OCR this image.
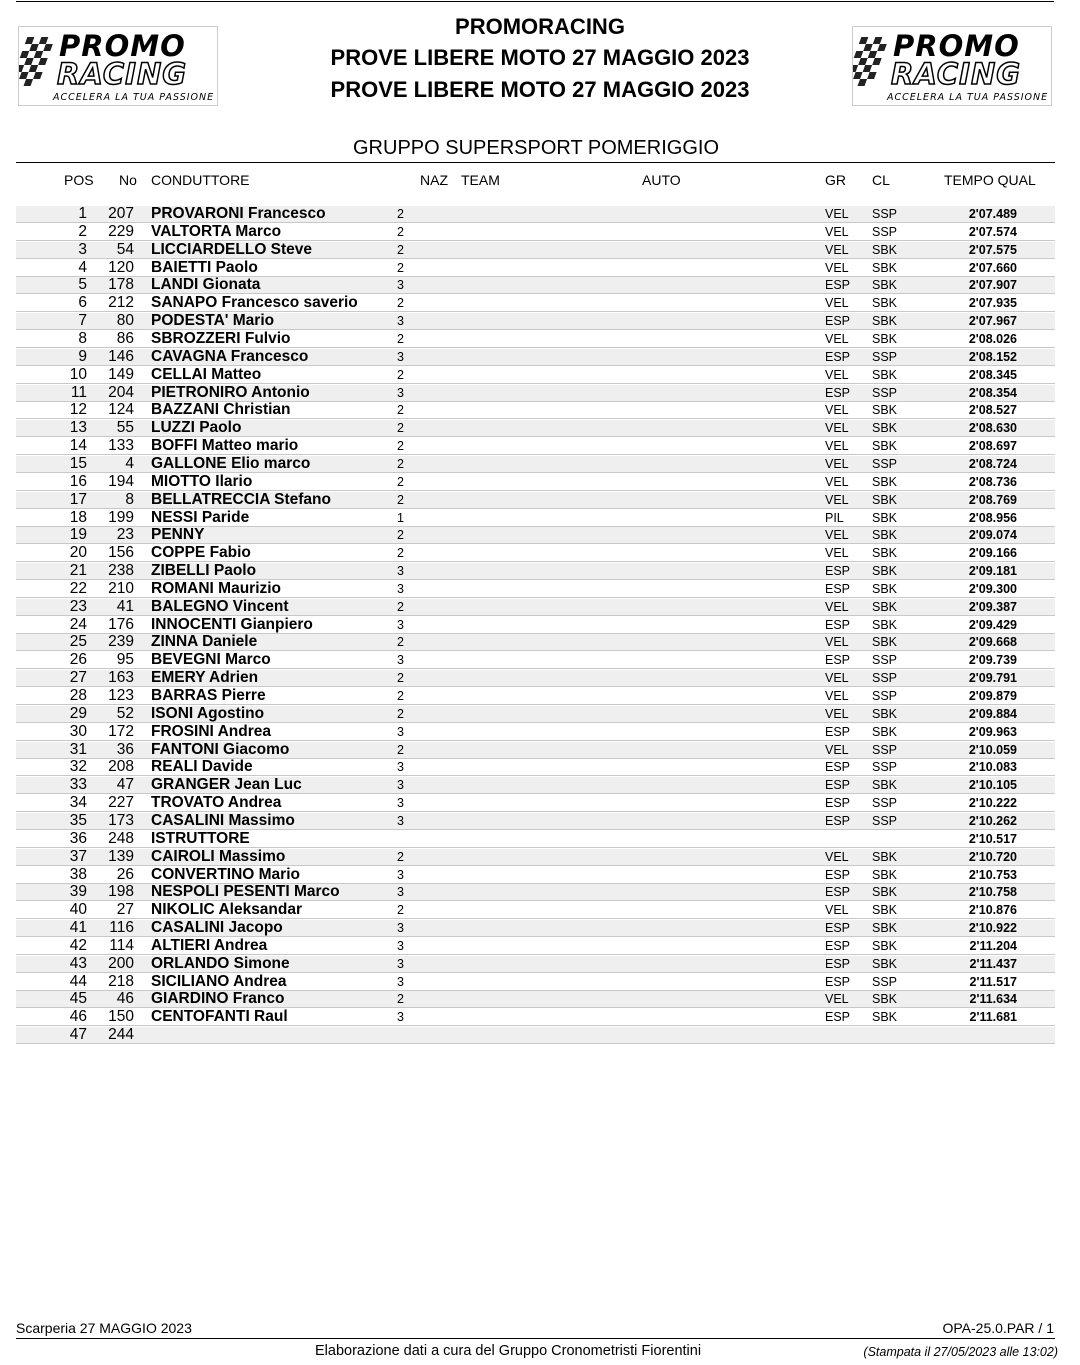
PROMO
RACING
ACCELERA LA TUA PASSIONE
PROMO
RACING
ACCELERA LA TUA PASSIONE
PROMORACING
PROVE LIBERE MOTO 27 MAGGIO 2023
PROVE LIBERE MOTO 27 MAGGIO 2023
GRUPPO SUPERSPORT POMERIGGIO
POS No CONDUTTORE	NAZ TEAM	AUTO	GR CL	TEMPO QUAL
1 207 PROVARONI Francesco	2	VEL SSP	2'07.489
2 229 VALTORTA Marco	2	VEL SSP	2'07.574
3	54 LICCIARDELLO Steve	2	VEL SBK	2'07.575
4 120 BAIETTI Paolo	2	VEL SBK	2'07.660
5 178 LANDI Gionata	3	ESP SBK	2'07.907
6 212 SANAPO Francesco saverio	2	VEL SBK	2'07.935
7	80 PODESTA' Mario	3	ESP SBK	2'07.967
8	86 SBROZZERI Fulvio	2	VEL SBK	2'08.026
9 146 CAVAGNA Francesco	3	ESP SSP	2'08.152
10 149 CELLAI Matteo	2	VEL SBK	2'08.345
11 204 PIETRONIRO Antonio	3	ESP SSP	2'08.354
12 124 BAZZANI Christian	2	VEL SBK	2'08.527
13	55 LUZZI Paolo	2	VEL SBK	2'08.630
14 133 BOFFI Matteo mario	2	VEL SBK	2'08.697
15	4 GALLONE Elio marco	2	VEL SSP	2'08.724
16 194 MIOTTO Ilario	2	VEL SBK	2'08.736
17	8 BELLATRECCIA Stefano	2	VEL SBK	2'08.769
18 199 NESSI Paride	1	PIL SBK	2'08.956
19	23 PENNY	2	VEL SBK	2'09.074
20 156 COPPE Fabio	2	VEL SBK	2'09.166
21 238 ZIBELLI Paolo	3	ESP SBK	2'09.181
22 210 ROMANI Maurizio	3	ESP SBK	2'09.300
23	41 BALEGNO Vincent	2	VEL SBK	2'09.387
24 176 INNOCENTI Gianpiero	3	ESP SBK	2'09.429
25 239 ZINNA Daniele	2	VEL SBK	2'09.668
26	95 BEVEGNI Marco	3	ESP SSP	2'09.739
27 163 EMERY Adrien	2	VEL SSP	2'09.791
28 123 BARRAS Pierre	2	VEL SSP	2'09.879
29	52 ISONI Agostino	2	VEL SBK	2'09.884
30 172 FROSINI Andrea	3	ESP SBK	2'09.963
31	36 FANTONI Giacomo	2	VEL SSP	2'10.059
32 208 REALI Davide	3	ESP SSP	2'10.083
33	47 GRANGER Jean Luc	3	ESP SBK	2'10.105
34 227 TROVATO Andrea	3	ESP SSP	2'10.222
35 173 CASALINI Massimo	3	ESP SSP	2'10.262
36 248 ISTRUTTORE	2'10.517
37 139 CAIROLI Massimo	2	VEL SBK	2'10.720
38	26 CONVERTINO Mario	3	ESP SBK	2'10.753
39 198 NESPOLI PESENTI Marco	3	ESP SBK	2'10.758
40	27 NIKOLIC Aleksandar	2	VEL SBK	2'10.876
41	116 CASALINI Jacopo	3	ESP SBK	2'10.922
42	114 ALTIERI Andrea	3	ESP SBK	2'11.204
43 200 ORLANDO Simone	3	ESP SBK	2'11.437
44 218 SICILIANO Andrea	3	ESP SSP	2'11.517
45	46 GIARDINO Franco	2	VEL SBK	2'11.634
46 150 CENTOFANTI Raul	3	ESP SBK	2'11.681
47 244
Scarperia 27 MAGGIO 2023	OPA-25.0.PAR / 1
Elaborazione dati a cura del Gruppo Cronometristi Fiorentini	(Stampata il 27/05/2023 alle 13:02)
